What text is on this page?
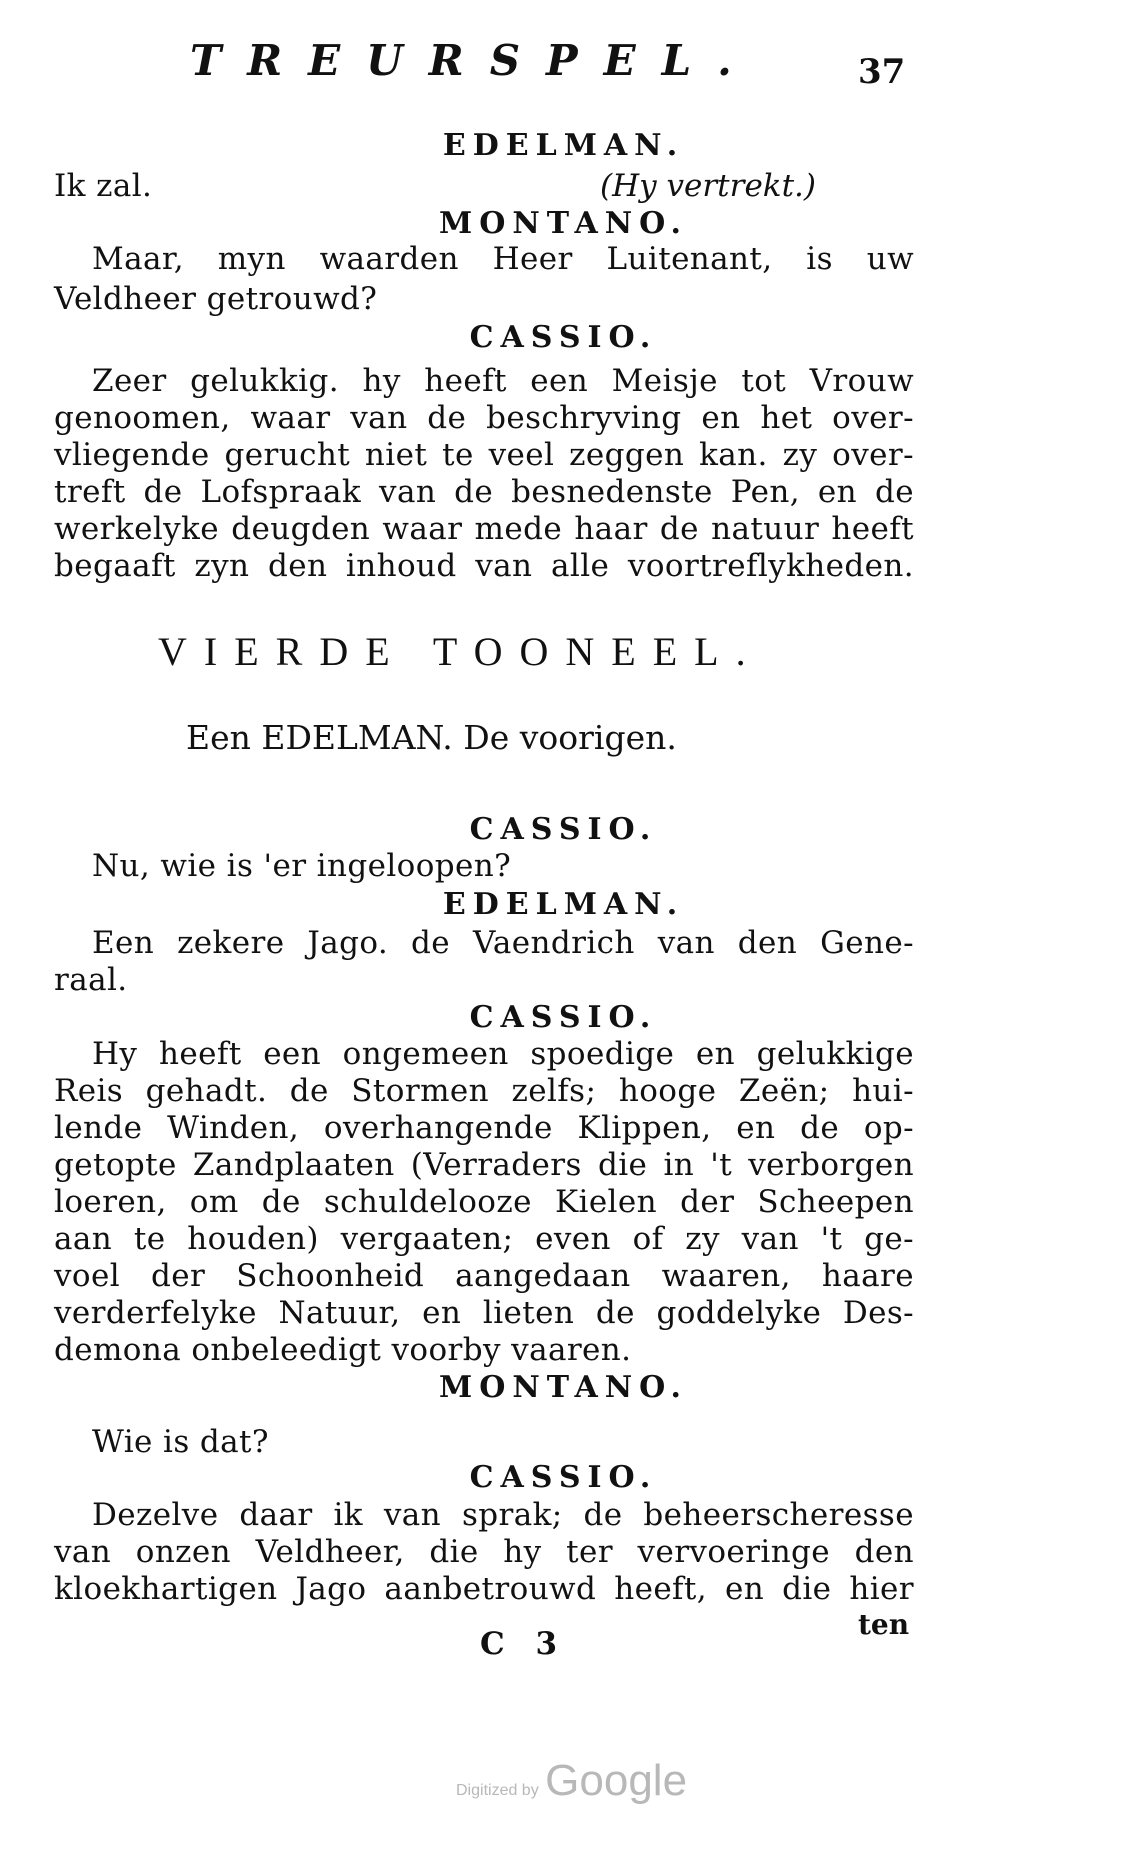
TREURSPEL.	37
EDELMAN.
Ik zal.	(Hy vertrekt.)
MONTANO.
Maar, myn waarden Heer Luitenant, is uw
Veldheer getrouwd?
CASSIO.
Zeer gelukkig. hy heeft een Meisje tot Vrouw
genoomen, waar van de beschryving en het over-
vliegende gerucht niet te veel zeggen kan. zy over-
treft de Lofspraak van de besnedenste Pen, en de
werkelyke deugden waar mede haar de natuur heeft
begaaft zyn den inhoud van alle voortreflykheden.
VIERDE TOONEEL.
Een EDELMAN. De voorigen.
CASSIO.
Nu, wie is 'er ingeloopen?
EDELMAN.
Een zekere Jago. de Vaendrich van den Gene-
raal.
CASSIO.
Hy heeft een ongemeen spoedige en gelukkige
Reis gehadt. de Stormen zelfs; hooge Zeën; hui-
lende Winden, overhangende Klippen, en de op-
getopte Zandplaaten (Verraders die in 't verborgen
loeren, om de schuldelooze Kielen der Scheepen
aan te houden) vergaaten; even of zy van 't ge-
voel der Schoonheid aangedaan waaren, haare
verderfelyke Natuur, en lieten de goddelyke Des-
demona onbeleedigt voorby vaaren.
MONTANO.
Wie is dat?
CASSIO.
Dezelve daar ik van sprak; de beheerscheresse
van onzen Veldheer, die hy ter vervoeringe den
kloekhartigen Jago aanbetrouwd heeft, en die hier
C 3
ten
Digitized by Google
